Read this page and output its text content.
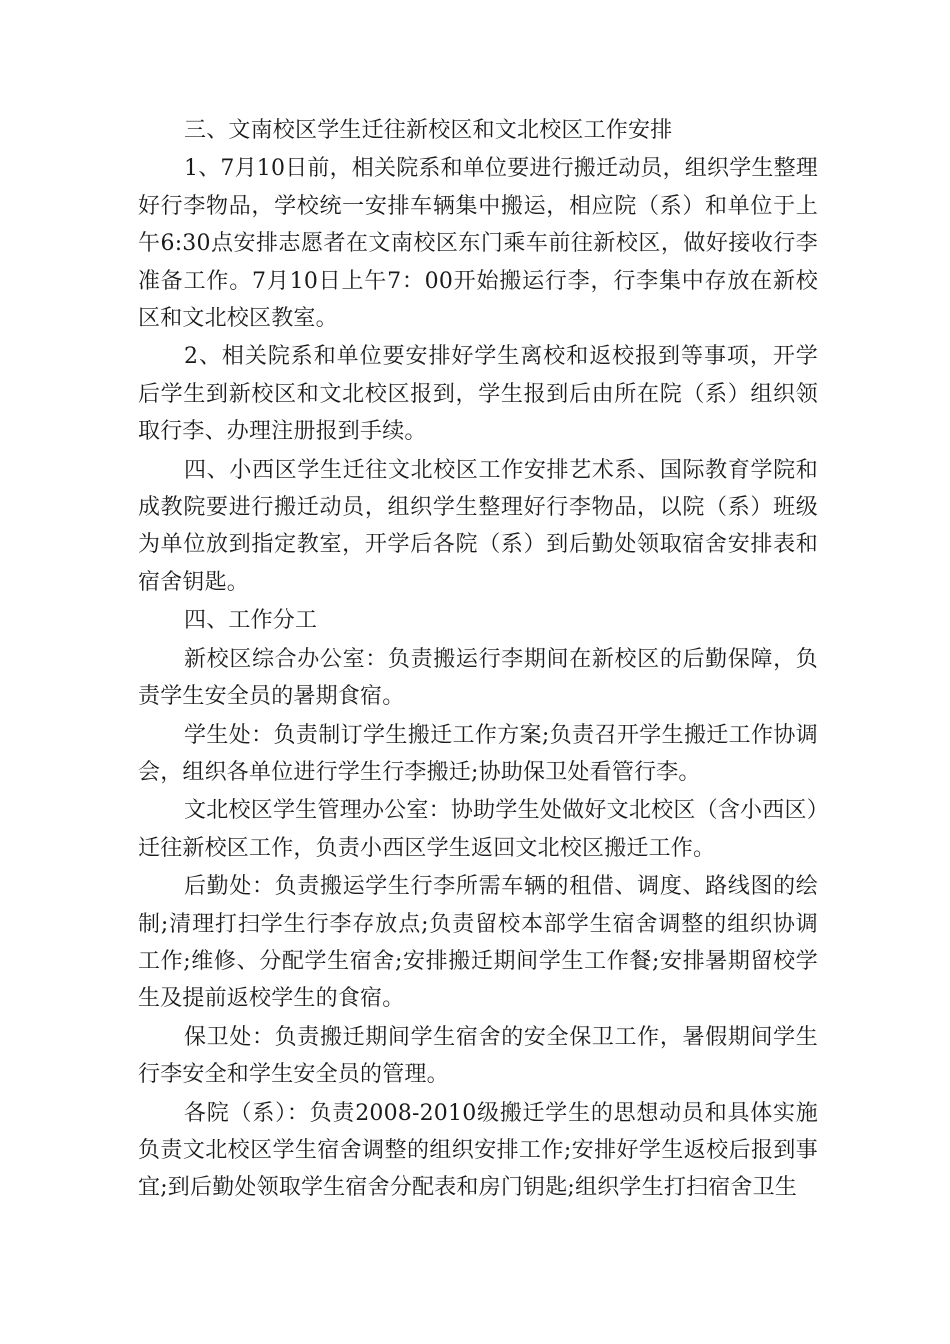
三、文南校区学生迁往新校区和文北校区工作安排

1、7月10日前，相关院系和单位要进行搬迁动员，组织学生整理好行李物品，学校统一安排车辆集中搬运，相应院（系）和单位于上午6:30点安排志愿者在文南校区东门乘车前往新校区，做好接收行李准备工作。7月10日上午7：00开始搬运行李，行李集中存放在新校区和文北校区教室。

2、相关院系和单位要安排好学生离校和返校报到等事项，开学后学生到新校区和文北校区报到，学生报到后由所在院（系）组织领取行李、办理注册报到手续。

四、小西区学生迁往文北校区工作安排艺术系、国际教育学院和成教院要进行搬迁动员，组织学生整理好行李物品，以院（系）班级为单位放到指定教室，开学后各院（系）到后勤处领取宿舍安排表和宿舍钥匙。

四、工作分工

新校区综合办公室：负责搬运行李期间在新校区的后勤保障，负责学生安全员的暑期食宿。

学生处：负责制订学生搬迁工作方案;负责召开学生搬迁工作协调会，组织各单位进行学生行李搬迁;协助保卫处看管行李。

文北校区学生管理办公室：协助学生处做好文北校区（含小西区）迁往新校区工作，负责小西区学生返回文北校区搬迁工作。

后勤处：负责搬运学生行李所需车辆的租借、调度、路线图的绘制;清理打扫学生行李存放点;负责留校本部学生宿舍调整的组织协调工作;维修、分配学生宿舍;安排搬迁期间学生工作餐;安排暑期留校学生及提前返校学生的食宿。

保卫处：负责搬迁期间学生宿舍的安全保卫工作，暑假期间学生行李安全和学生安全员的管理。

各院（系）：负责2008-2010级搬迁学生的思想动员和具体实施负责文北校区学生宿舍调整的组织安排工作;安排好学生返校后报到事宜;到后勤处领取学生宿舍分配表和房门钥匙;组织学生打扫宿舍卫生
